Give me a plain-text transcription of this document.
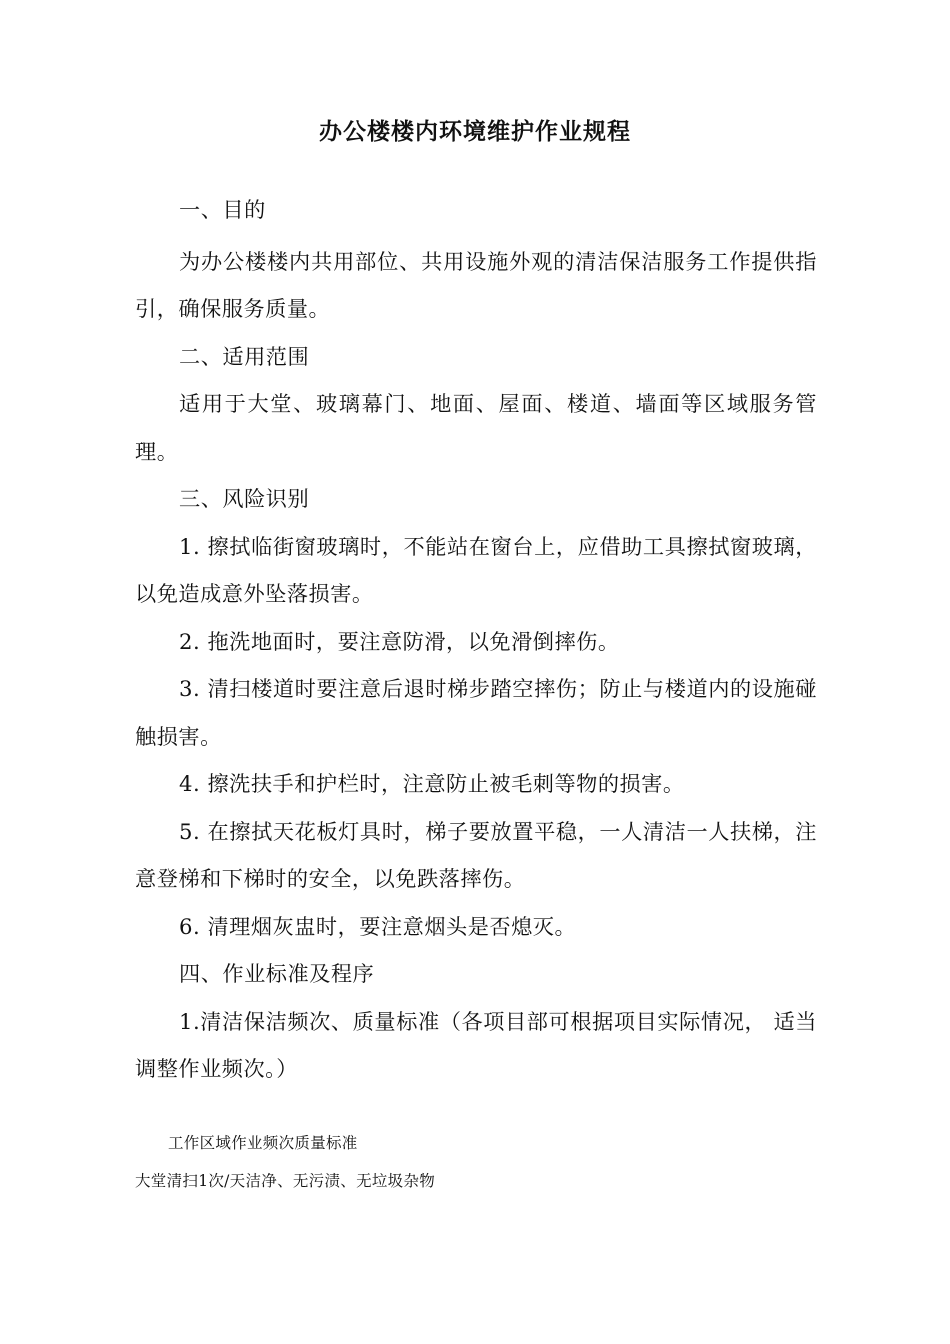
办公楼楼内环境维护作业规程

一、目的

为办公楼楼内共用部位、共用设施外观的清洁保洁服务工作提供指引，确保服务质量。

二、适用范围

适用于大堂、玻璃幕门、地面、屋面、楼道、墙面等区域服务管理。

三、风险识别

1. 擦拭临街窗玻璃时，不能站在窗台上，应借助工具擦拭窗玻璃，以免造成意外坠落损害。

2. 拖洗地面时，要注意防滑，以免滑倒摔伤。

3. 清扫楼道时要注意后退时梯步踏空摔伤；防止与楼道内的设施碰触损害。

4. 擦洗扶手和护栏时，注意防止被毛刺等物的损害。

5. 在擦拭天花板灯具时，梯子要放置平稳，一人清洁一人扶梯，注意登梯和下梯时的安全，以免跌落摔伤。

6. 清理烟灰盅时，要注意烟头是否熄灭。

四、作业标准及程序

1.清洁保洁频次、质量标准（各项目部可根据项目实际情况， 适当调整作业频次。）

工作区域作业频次质量标准
大堂清扫1次/天洁净、无污渍、无垃圾杂物
